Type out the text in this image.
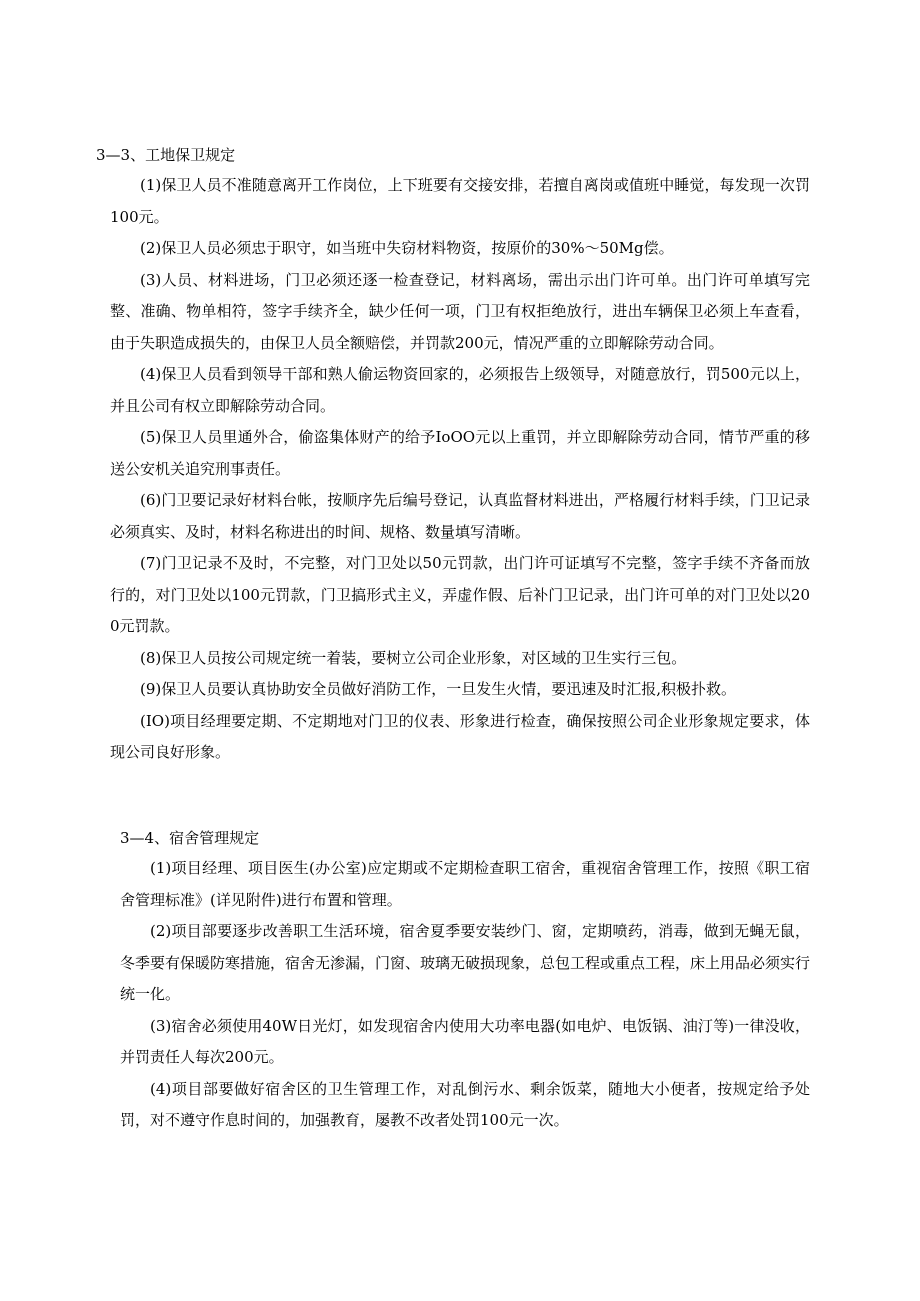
3—3、工地保卫规定

(1)保卫人员不准随意离开工作岗位，上下班要有交接安排，若擅自离岗或值班中睡觉，每发现一次罚100元。

(2)保卫人员必须忠于职守，如当班中失窃材料物资，按原价的30%～50Mg偿。

(3)人员、材料进场，门卫必须还逐一检查登记，材料离场，需出示出门许可单。出门许可单填写完整、准确、物单相符，签字手续齐全，缺少任何一项，门卫有权拒绝放行，进出车辆保卫必须上车查看，由于失职造成损失的，由保卫人员全额赔偿，并罚款200元，情况严重的立即解除劳动合同。

(4)保卫人员看到领导干部和熟人偷运物资回家的，必须报告上级领导，对随意放行，罚500元以上，并且公司有权立即解除劳动合同。

(5)保卫人员里通外合，偷盗集体财产的给予IoOO元以上重罚，并立即解除劳动合同，情节严重的移送公安机关追究刑事责任。

(6)门卫要记录好材料台帐，按顺序先后编号登记，认真监督材料进出，严格履行材料手续，门卫记录必须真实、及时，材料名称进出的时间、规格、数量填写清晰。

(7)门卫记录不及时，不完整，对门卫处以50元罚款，出门许可证填写不完整，签字手续不齐备而放行的，对门卫处以100元罚款，门卫搞形式主义，弄虚作假、后补门卫记录，出门许可单的对门卫处以200元罚款。

(8)保卫人员按公司规定统一着装，要树立公司企业形象，对区域的卫生实行三包。

(9)保卫人员要认真协助安全员做好消防工作，一旦发生火情，要迅速及时汇报,积极扑救。

(IO)项目经理要定期、不定期地对门卫的仪表、形象进行检查，确保按照公司企业形象规定要求，体现公司良好形象。

3—4、宿舍管理规定

(1)项目经理、项目医生(办公室)应定期或不定期检查职工宿舍，重视宿舍管理工作，按照《职工宿舍管理标准》(详见附件)进行布置和管理。

(2)项目部要逐步改善职工生活环境，宿舍夏季要安装纱门、窗，定期喷药，消毒，做到无蝇无鼠，冬季要有保暖防寒措施，宿舍无渗漏，门窗、玻璃无破损现象，总包工程或重点工程，床上用品必须实行统一化。

(3)宿舍必须使用40W日光灯，如发现宿舍内使用大功率电器(如电炉、电饭锅、油汀等)一律没收，并罚责任人每次200元。

(4)项目部要做好宿舍区的卫生管理工作，对乱倒污水、剩余饭菜，随地大小便者，按规定给予处罚，对不遵守作息时间的，加强教育，屡教不改者处罚100元一次。
